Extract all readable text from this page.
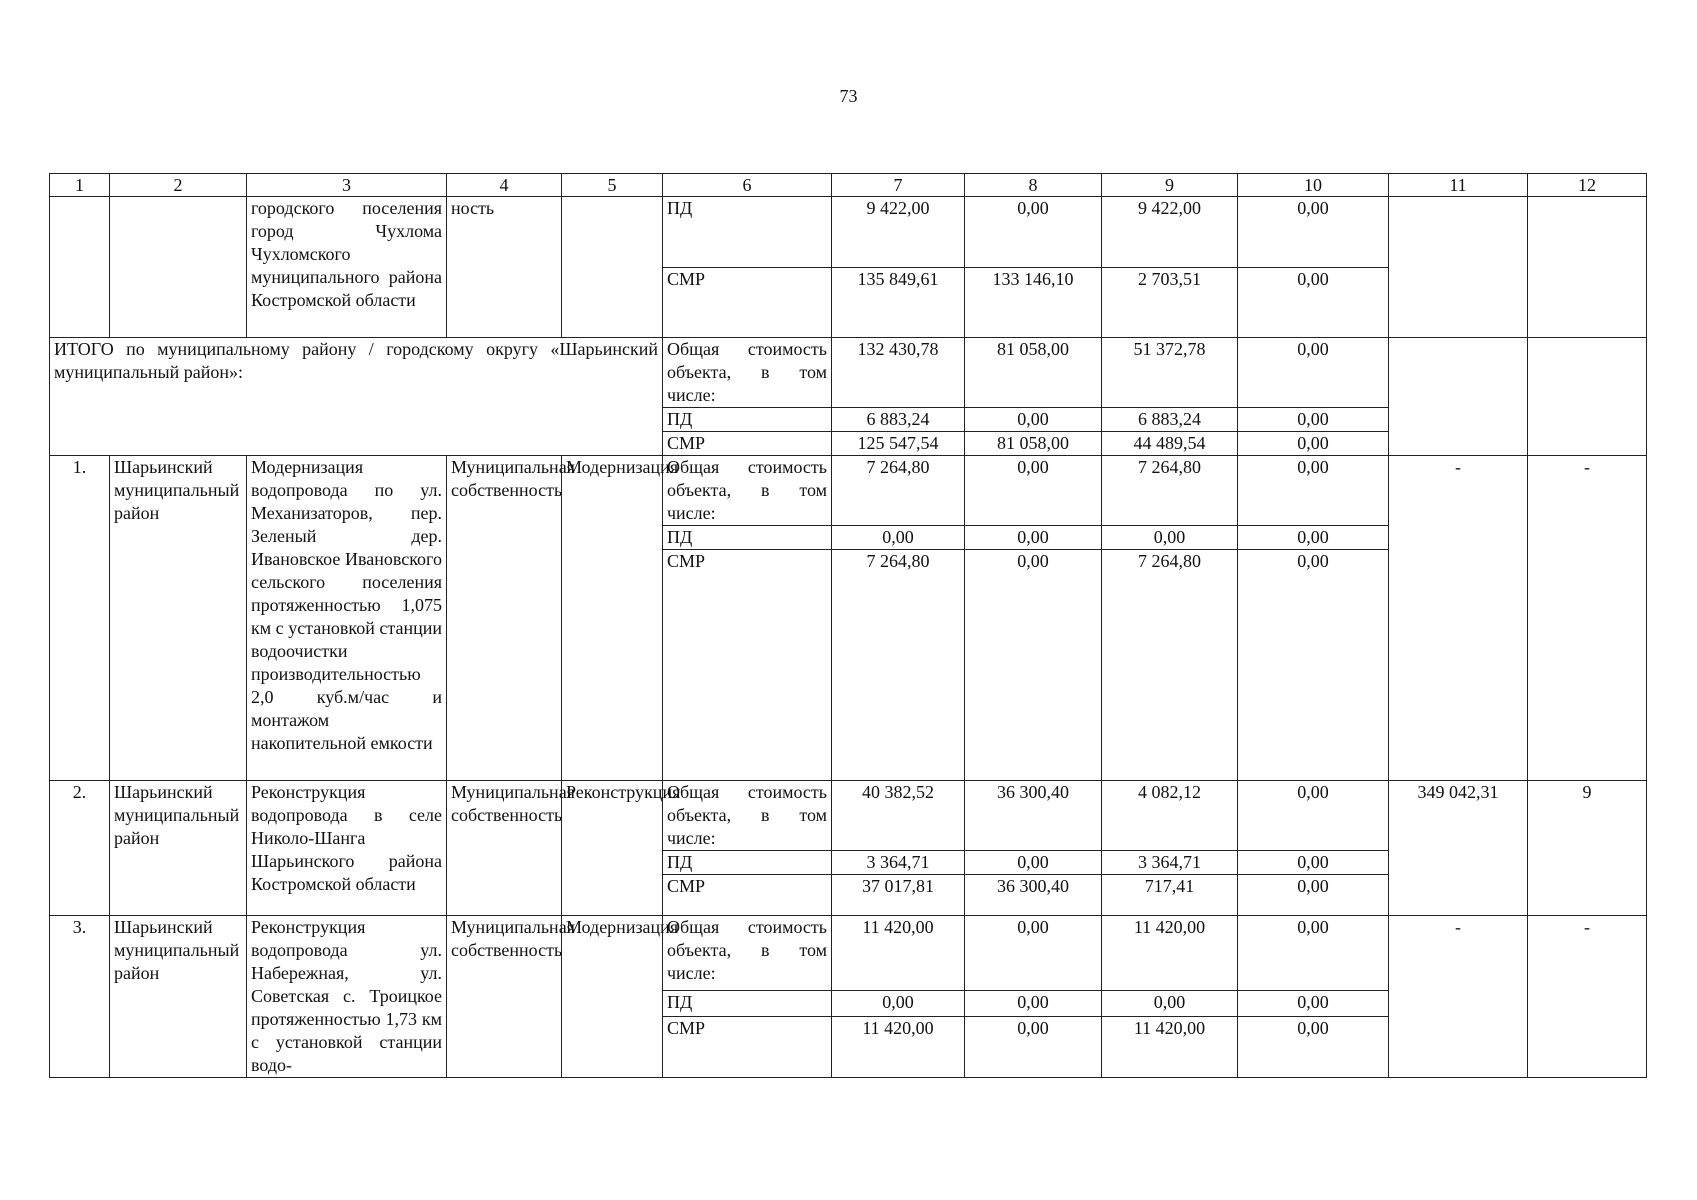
73
1	2	3	4	5	6	7	8	9	10	11	12
		городского поселения город Чухлома Чухломского муниципального района Костромской области	ность		ПД	9 422,00	0,00	9 422,00	0,00		
					СМР	135 849,61	133 146,10	2 703,51	0,00		
ИТОГО по муниципальному району / городскому округу «Шарьинский муниципальный район»:					Общая стоимость объекта, в том числе:	132 430,78	81 058,00	51 372,78	0,00		
					ПД	6 883,24	0,00	6 883,24	0,00		
					СМР	125 547,54	81 058,00	44 489,54	0,00		
1.	Шарьинский муниципальный район	Модернизация водопровода по ул. Механизаторов, пер. Зеленый дер. Ивановское Ивановского сельского поселения протяженностью 1,075 км с установкой станции водоочистки производительностью 2,0 куб.м/час и монтажом накопительной емкости	Муниципальная собственность	Модернизация	Общая стоимость объекта, в том числе:	7 264,80	0,00	7 264,80	0,00	-	-
					ПД	0,00	0,00	0,00	0,00		
					СМР	7 264,80	0,00	7 264,80	0,00		
2.	Шарьинский муниципальный район	Реконструкция водопровода в селе Николо-Шанга Шарьинского района Костромской области	Муниципальная собственность	Реконструкция	Общая стоимость объекта, в том числе:	40 382,52	36 300,40	4 082,12	0,00	349 042,31	9
					ПД	3 364,71	0,00	3 364,71	0,00		
					СМР	37 017,81	36 300,40	717,41	0,00		
3.	Шарьинский муниципальный район	Реконструкция водопровода ул. Набережная, ул. Советская с. Троицкое протяженностью 1,73 км с установкой станции водо-	Муниципальная собственность	Модернизация	Общая стоимость объекта, в том числе:	11 420,00	0,00	11 420,00	0,00	-	-
					ПД	0,00	0,00	0,00	0,00		
					СМР	11 420,00	0,00	11 420,00	0,00		
